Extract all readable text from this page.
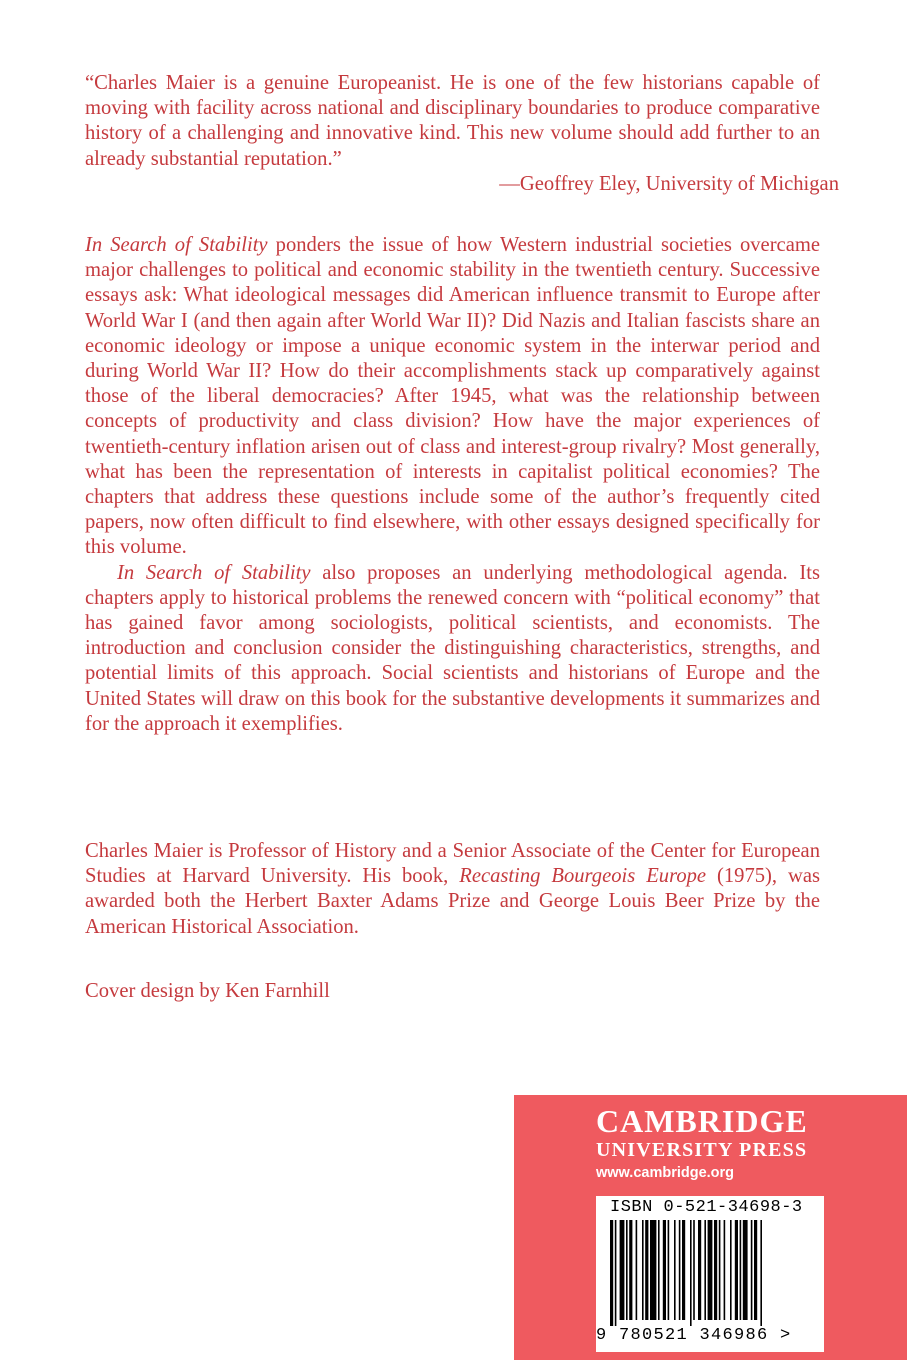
“Charles Maier is a genuine Europeanist. He is one of the few historians capable of moving with facility across national and disciplinary boundaries to produce comparative history of a challenging and innovative kind. This new volume should add further to an already substantial reputation.”

—Geoffrey Eley, University of Michigan

In Search of Stability ponders the issue of how Western industrial societies overcame major challenges to political and economic stability in the twentieth century. Successive essays ask: What ideological messages did American influence transmit to Europe after World War I (and then again after World War II)? Did Nazis and Italian fascists share an economic ideology or impose a unique economic system in the interwar period and during World War II? How do their accomplishments stack up comparatively against those of the liberal democracies? After 1945, what was the relationship between concepts of productivity and class division? How have the major experiences of twentieth-century inflation arisen out of class and interest-group rivalry? Most generally, what has been the representation of interests in capitalist political economies? The chapters that address these questions include some of the author’s frequently cited papers, now often difficult to find elsewhere, with other essays designed specifically for this volume.

In Search of Stability also proposes an underlying methodological agenda. Its chapters apply to historical problems the renewed concern with “political economy” that has gained favor among sociologists, political scientists, and economists. The introduction and conclusion consider the distinguishing characteristics, strengths, and potential limits of this approach. Social scientists and historians of Europe and the United States will draw on this book for the substantive developments it summarizes and for the approach it exemplifies.

Charles Maier is Professor of History and a Senior Associate of the Center for European Studies at Harvard University. His book, Recasting Bourgeois Europe (1975), was awarded both the Herbert Baxter Adams Prize and George Louis Beer Prize by the American Historical Association.

Cover design by Ken Farnhill
CAMBRIDGE
UNIVERSITY PRESS
www.cambridge.org
ISBN 0-521-34698-3
9 780521 346986 >
